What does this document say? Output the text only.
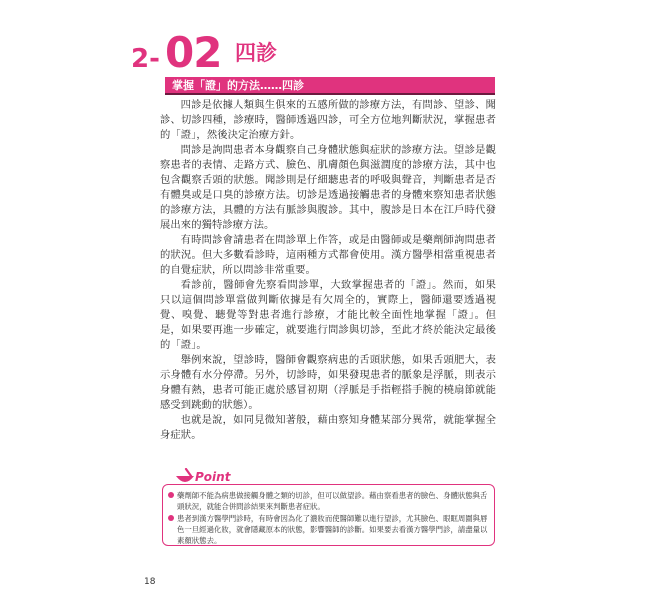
2- 02 四診
掌握「證」的方法……四診

四診是依據人類與生俱來的五感所做的診療方法，有問診、望診、聞診、切診四種，診療時，醫師透過四診，可全方位地判斷狀況，掌握患者的「證」，然後決定治療方針。

問診是詢問患者本身觀察自己身體狀態與症狀的診療方法。望診是觀察患者的表情、走路方式、臉色、肌膚顏色與滋潤度的診療方法，其中也包含觀察舌頭的狀態。聞診則是仔細聽患者的呼吸與聲音，判斷患者是否有體臭或是口臭的診療方法。切診是透過接觸患者的身體來察知患者狀態的診療方法，具體的方法有脈診與腹診。其中，腹診是日本在江戶時代發展出來的獨特診療方法。

有時問診會請患者在問診單上作答，或是由醫師或是藥劑師詢問患者的狀況。但大多數看診時，這兩種方式都會使用。漢方醫學相當重視患者的自覺症狀，所以問診非常重要。

看診前，醫師會先察看問診單，大致掌握患者的「證」。然而，如果只以這個問診單當做判斷依據是有欠周全的，實際上，醫師還要透過視覺、嗅覺、聽覺等對患者進行診療，才能比較全面性地掌握「證」。但是，如果要再進一步確定，就要進行問診與切診，至此才終於能決定最後的「證」。

舉例來說，望診時，醫師會觀察病患的舌頭狀態，如果舌頭肥大，表示身體有水分停滯。另外，切診時，如果發現患者的脈象是浮脈，則表示身體有熱，患者可能正處於感冒初期（浮脈是手指輕搭手腕的橈扇節就能感受到跳動的狀態）。

也就是說，如同見微知著般，藉由察知身體某部分異常，就能掌握全身症狀。

Point
藥劑師不能為病患做接觸身體之類的切診，但可以做望診。藉由察看患者的臉色、身體狀態與舌頭狀況，就能合併問診結果來判斷患者症狀。
患者到漢方醫學門診時，有時會因為化了濃妝而使醫師難以進行望診，尤其臉色、眼眶周圍與唇色一旦經過化妝，就會隱藏原本的狀態，影響醫師的診斷。如果要去看漢方醫學門診，請盡量以素顏狀態去。
18
